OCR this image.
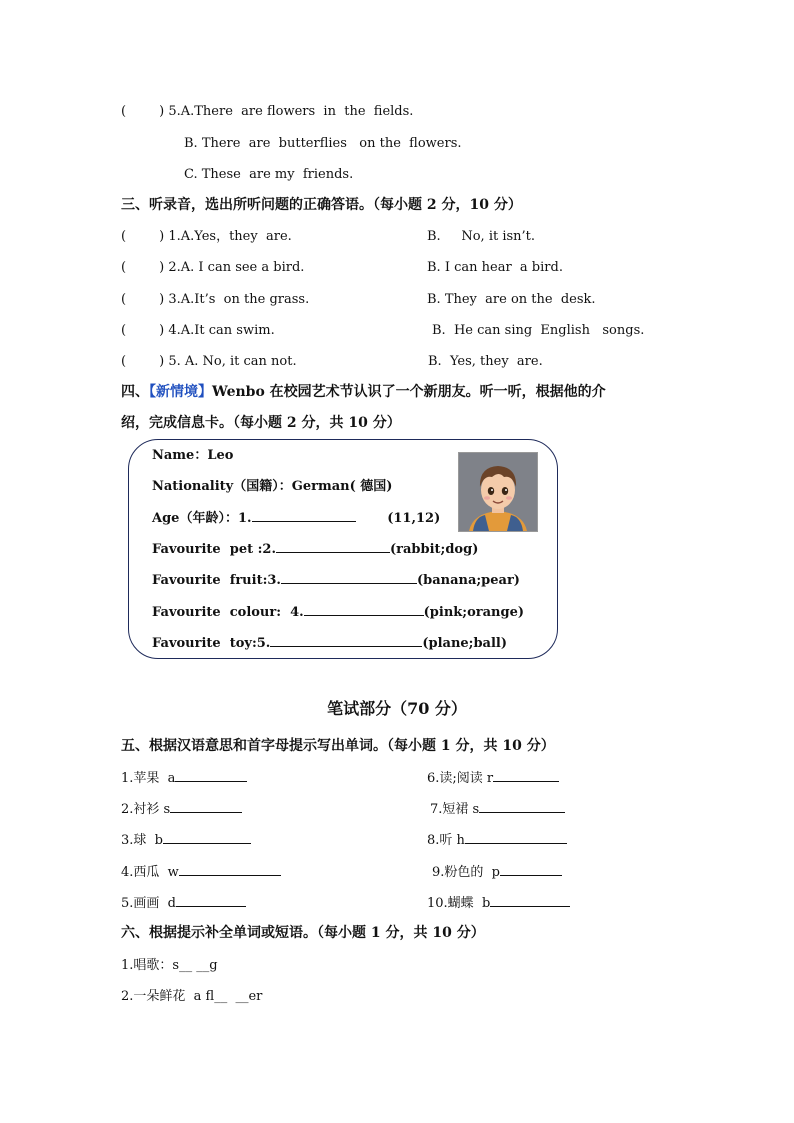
(        ) 5.A.There  are flowers  in  the  fields.
B. There  are  butterflies   on the  flowers.
C. These  are my  friends.
三、听录音，选出所听问题的正确答语。（每小题 2 分，10 分）
(        ) 1.A.Yes，they  are.	B.     No, it isn’t.
(        ) 2.A. I can see a bird.	B. I can hear  a bird.
(        ) 3.A.It’s  on the grass.	B. They  are on the  desk.
(        ) 4.A.It can swim.	B.  He can sing  English   songs.
(        ) 5. A. No, it can not.	B.  Yes, they  are.
四、【新情境】Wenbo 在校园艺术节认识了一个新朋友。听一听，根据他的介
绍，完成信息卡。（每小题 2 分，共 10 分）
Name：Leo
Nationality（国籍）：German( 德国)
Age（年龄）：1.	(11,12)
Favourite  pet :2.	(rabbit;dog)
Favourite  fruit:3.	(banana;pear)
Favourite  colour:  4.	(pink;orange)
Favourite  toy:5.	(plane;ball)
笔试部分（70 分）
五、根据汉语意思和首字母提示写出单词。（每小题 1 分，共 10 分）
1.苹果  a
2.衬衫 s
3.球  b
4.西瓜  w
5.画画  d
6.读;阅读 r
7.短裙 s
8.听 h
9.粉色的  p
10.蝴蝶  b
六、根据提示补全单词或短语。（每小题 1 分，共 10 分）
1.唱歌：s__ __g
2.一朵鲜花  a fl__  __er
